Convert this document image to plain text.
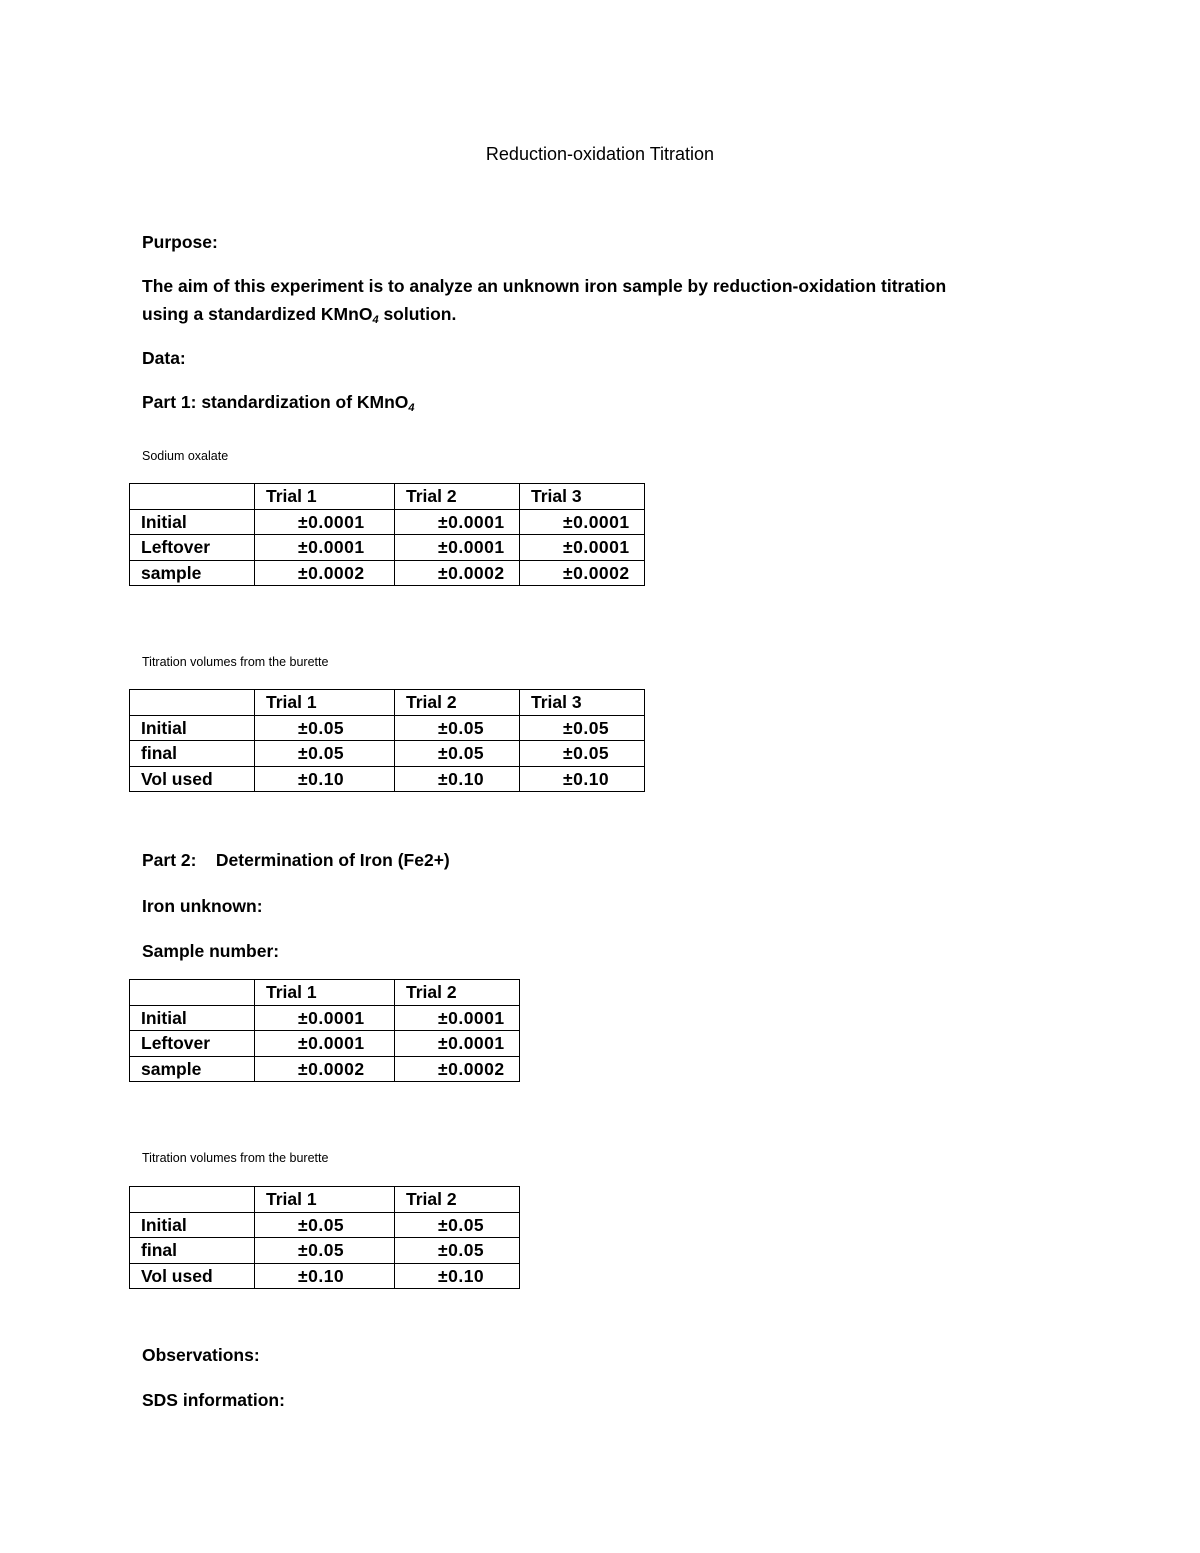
Reduction-oxidation Titration
Purpose:
The aim of this experiment is to analyze an unknown iron sample by reduction-oxidation titration
using a standardized KMnO$_4$ solution.
Data:
Part 1: standardization of KMnO$_4$
Sodium oxalate
	Trial 1	Trial 2	Trial 3
Initial	±0.0001	±0.0001	±0.0001
Leftover	±0.0001	±0.0001	±0.0001
sample	±0.0002	±0.0002	±0.0002
Titration volumes from the burette
	Trial 1	Trial 2	Trial 3
Initial	±0.05	±0.05	±0.05
final	±0.05	±0.05	±0.05
Vol used	±0.10	±0.10	±0.10
Part 2:    Determination of Iron (Fe2+)
Iron unknown:
Sample number:
	Trial 1	Trial 2
Initial	±0.0001	±0.0001
Leftover	±0.0001	±0.0001
sample	±0.0002	±0.0002
Titration volumes from the burette
	Trial 1	Trial 2
Initial	±0.05	±0.05
final	±0.05	±0.05
Vol used	±0.10	±0.10
Observations:
SDS information:
